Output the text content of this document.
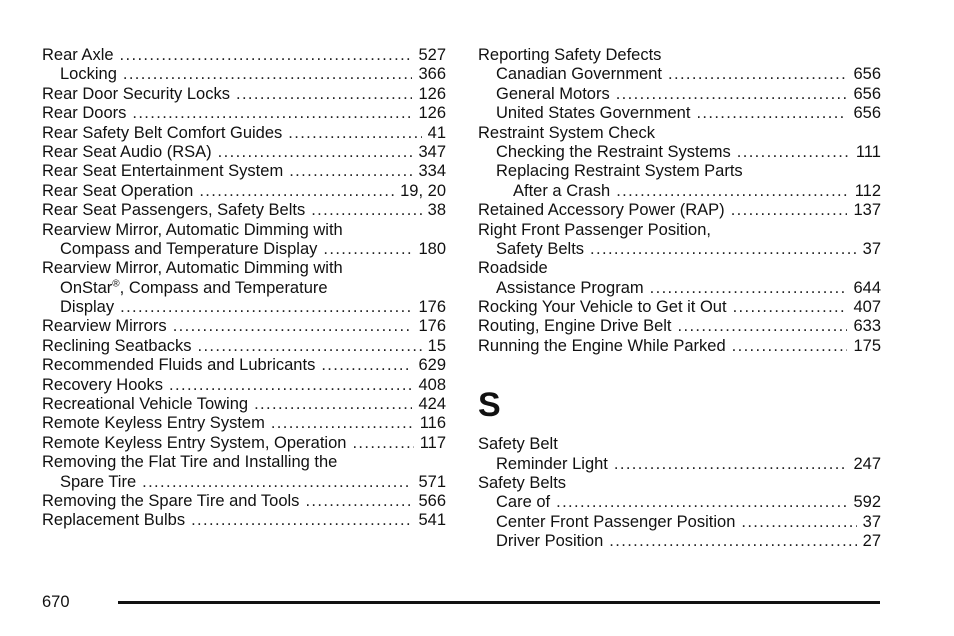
Rear Axle . . .	527
Locking . . .	366
Rear Door Security Locks . . .	126
Rear Doors . . .	126
Rear Safety Belt Comfort Guides . . .	41
Rear Seat Audio (RSA) . . .	347
Rear Seat Entertainment System . . .	334
Rear Seat Operation . . .	19, 20
Rear Seat Passengers, Safety Belts . . .	38
Rearview Mirror, Automatic Dimming with
Compass and Temperature Display . . .	180
Rearview Mirror, Automatic Dimming with
OnStar®, Compass and Temperature
Display . . .	176
Rearview Mirrors . . .	176
Reclining Seatbacks . . .	15
Recommended Fluids and Lubricants . . .	629
Recovery Hooks . . .	408
Recreational Vehicle Towing . . .	424
Remote Keyless Entry System . . .	116
Remote Keyless Entry System, Operation . . .	117
Removing the Flat Tire and Installing the
Spare Tire . . .	571
Removing the Spare Tire and Tools . . .	566
Replacement Bulbs . . .	541
Reporting Safety Defects
Canadian Government . . .	656
General Motors . . .	656
United States Government . . .	656
Restraint System Check
Checking the Restraint Systems . . .	111
Replacing Restraint System Parts
After a Crash . . .	112
Retained Accessory Power (RAP) . . .	137
Right Front Passenger Position,
Safety Belts . . .	37
Roadside
Assistance Program . . .	644
Rocking Your Vehicle to Get it Out . . .	407
Routing, Engine Drive Belt . . .	633
Running the Engine While Parked . . .	175
S
Safety Belt
Reminder Light . . .	247
Safety Belts
Care of . . .	592
Center Front Passenger Position . . .	37
Driver Position . . .	27
670
